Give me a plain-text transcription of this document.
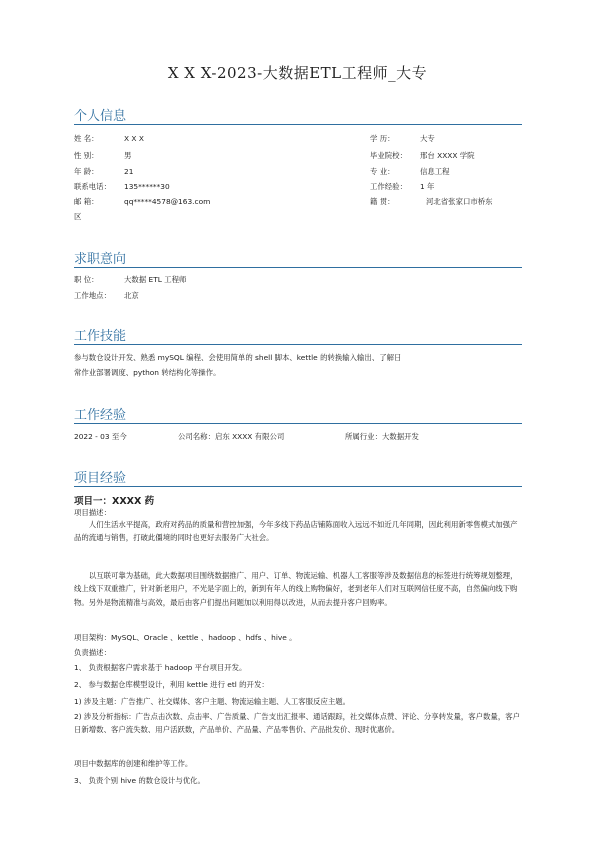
X X X-2023-大数据ETL工程师_大专
个人信息
姓 名：	X X X
性 别：	男
年 龄：	21
联系电话： 135******30
邮 箱：	qq*****4578@163.com
区
学 历：	大专
毕业院校： 邢台 XXXX 学院
专 业：	信息工程
工作经验： 1 年
籍 贯：	河北省张家口市桥东
求职意向
职 位：	大数据 ETL 工程师
工作地点： 北京
工作技能
参与数仓设计开发、熟悉 mySQL 编程、会使用简单的 shell 脚本、kettle 的转换输入输出、了解日
常作业部署调度、python 转结构化等操作。
工作经验
2022 - 03 至今	公司名称：启东 XXXX 有限公司	所属行业：大数据开发
项目经验
项目一：XXXX 药
项目描述：
人们生活水平提高，政府对药品的质量和营控加强，今年多线下药品店铺陈面收入远远不如近几年同期，因此利用新零售模式加强产品的流通与销售，打破此僵境的同时也更好去服务广大社会。
以互联可靠为基础，此大数据项目围绕数据推广、用户、订单、物流运输、机器人工客服等涉及数据信息的标签进行统筹规划整理，线上线下双重推广，针对新老用户，不光是字面上的，新到有年人的线上购物偏好，老到老年人们对互联网信任度不高，自然偏向线下购物。另外是物流精准与高效，最后由客户们提出问题加以利用得以改进，从而去提升客户回购率。
项目架构：MySQL、Oracle 、kettle 、hadoop 、hdfs 、hive 。
负责描述：
1、 负责根据客户需求基于 hadoop 平台项目开发。
2、 参与数据仓库模型设计，利用 kettle 进行 etl 的开发：
1) 涉及主题：广告推广、社交媒体、客户主题、物流运输主题、人工客服反应主题。
2) 涉及分析指标：广告点击次数、点击率、广告质量、广告支出汇报率、通话跟踪，社交媒体点赞、评论、分享转发量，客户数量，客户日新增数、客户流失数、用户活跃数，产品单价、产品量、产品零售价、产品批发价、现时优惠价。
项目中数据库的创建和维护等工作。
3、 负责个别 hive 的数仓设计与优化。
